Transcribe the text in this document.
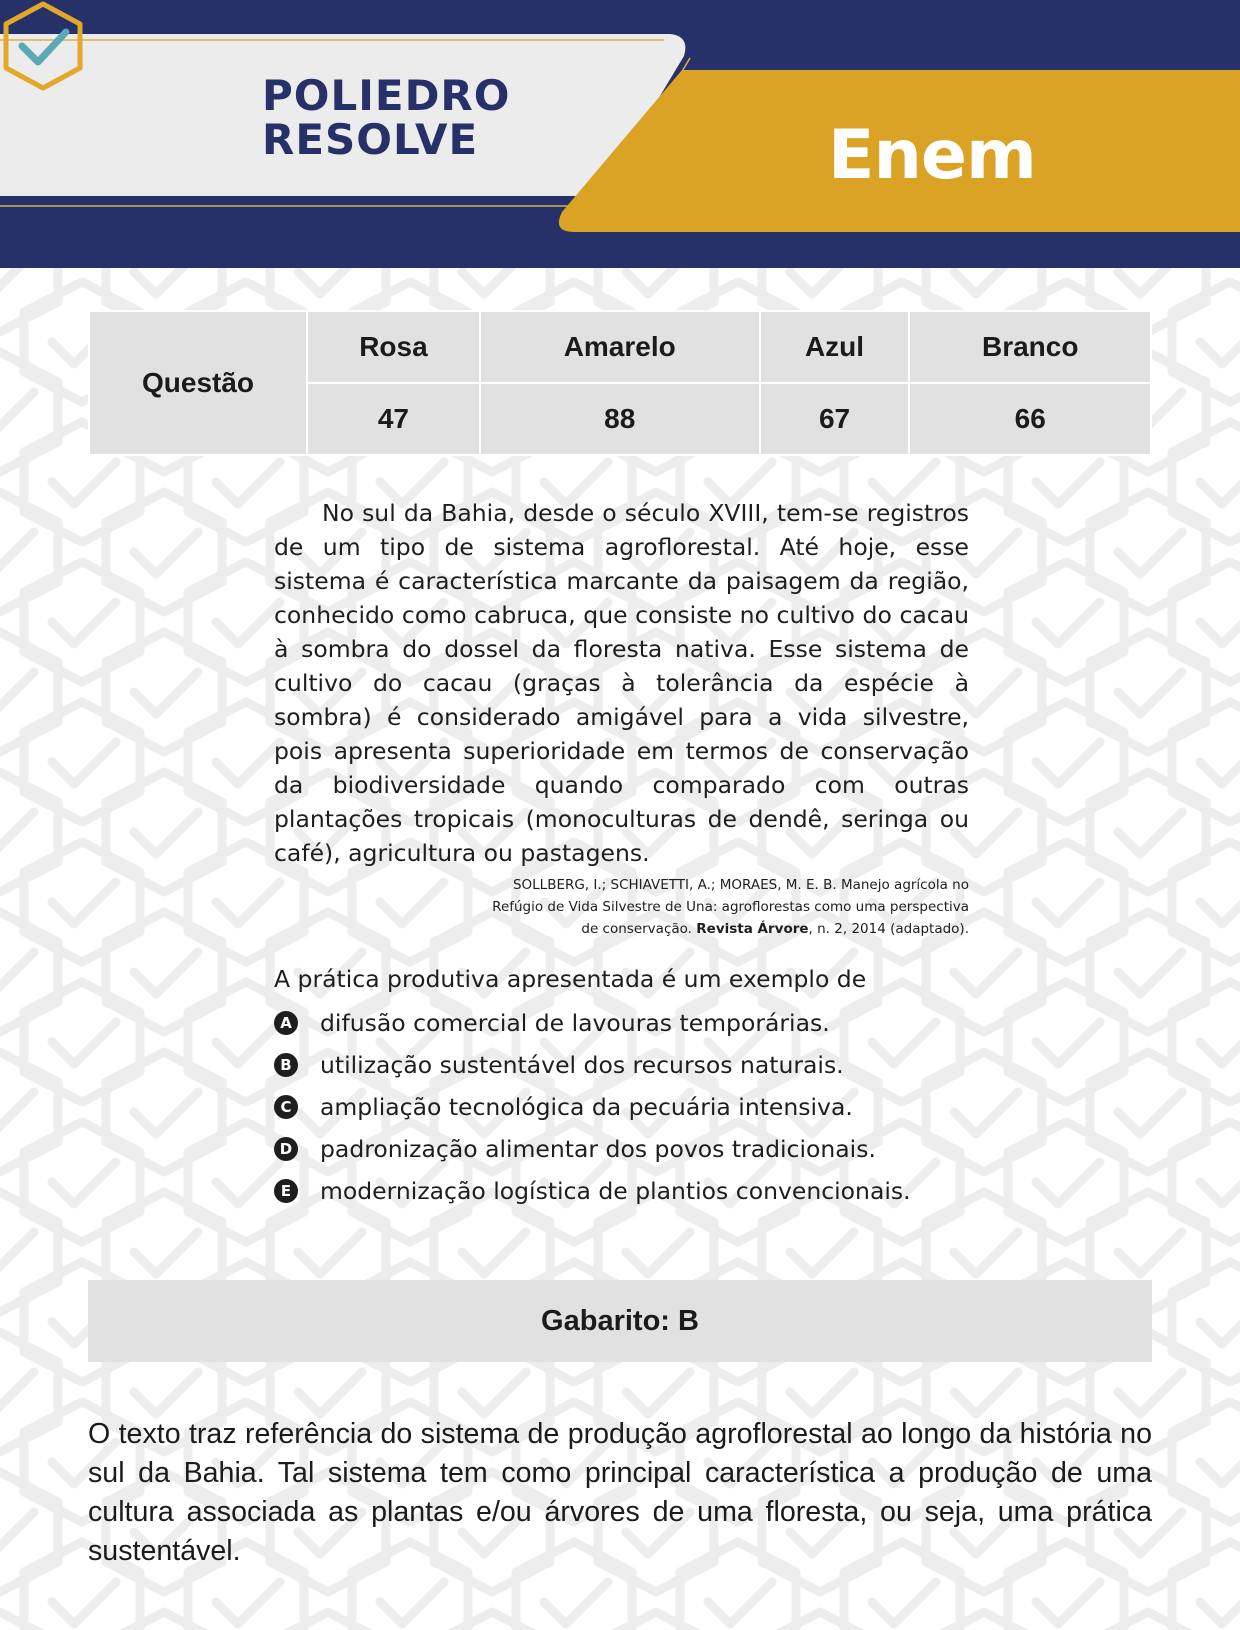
POLIEDRO
RESOLVE	Enem
Questão	Rosa	Amarelo	Azul	Branco
	47	88	67	66

No sul da Bahia, desde o século XVIII, tem-se registros de um tipo de sistema agroflorestal. Até hoje, esse sistema é característica marcante da paisagem da região, conhecido como cabruca, que consiste no cultivo do cacau à sombra do dossel da floresta nativa. Esse sistema de cultivo do cacau (graças à tolerância da espécie à sombra) é considerado amigável para a vida silvestre, pois apresenta superioridade em termos de conservação da biodiversidade quando comparado com outras plantações tropicais (monoculturas de dendê, seringa ou café), agricultura ou pastagens.

SOLLBERG, I.; SCHIAVETTI, A.; MORAES, M. E. B. Manejo agrícola no
Refúgio de Vida Silvestre de Una: agroflorestas como uma perspectiva
de conservação. Revista Árvore, n. 2, 2014 (adaptado).
A prática produtiva apresentada é um exemplo de
A difusão comercial de lavouras temporárias.
B utilização sustentável dos recursos naturais.
C ampliação tecnológica da pecuária intensiva.
D padronização alimentar dos povos tradicionais.
E modernização logística de plantios convencionais.
Gabarito: B

O texto traz referência do sistema de produção agroflorestal ao longo da história no sul da Bahia. Tal sistema tem como principal característica a produção de uma cultura associada as plantas e/ou árvores de uma floresta, ou seja, uma prática sustentável.
